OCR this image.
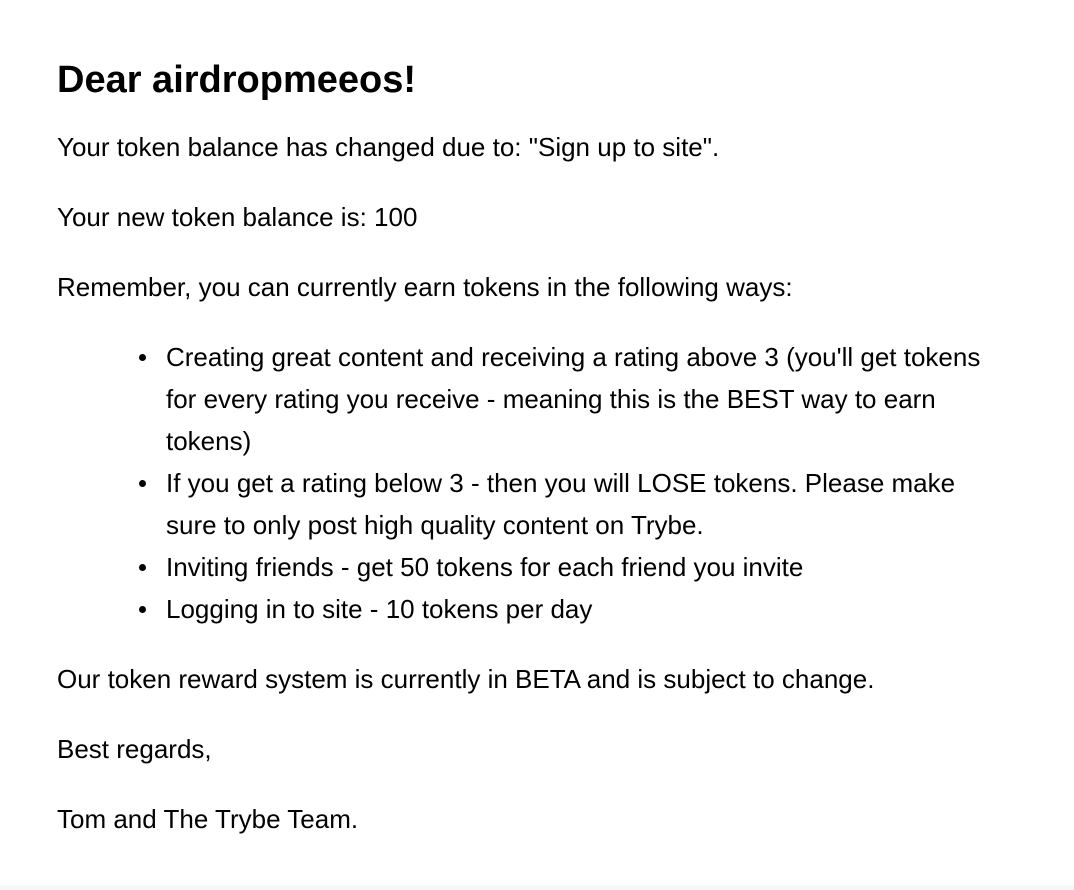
Dear airdropmeeos!

Your token balance has changed due to: "Sign up to site".

Your new token balance is: 100

Remember, you can currently earn tokens in the following ways:

Creating great content and receiving a rating above 3 (you'll get tokens for every rating you receive - meaning this is the BEST way to earn tokens)
If you get a rating below 3 - then you will LOSE tokens. Please make sure to only post high quality content on Trybe.
Inviting friends - get 50 tokens for each friend you invite
Logging in to site - 10 tokens per day

Our token reward system is currently in BETA and is subject to change.

Best regards,

Tom and The Trybe Team.
